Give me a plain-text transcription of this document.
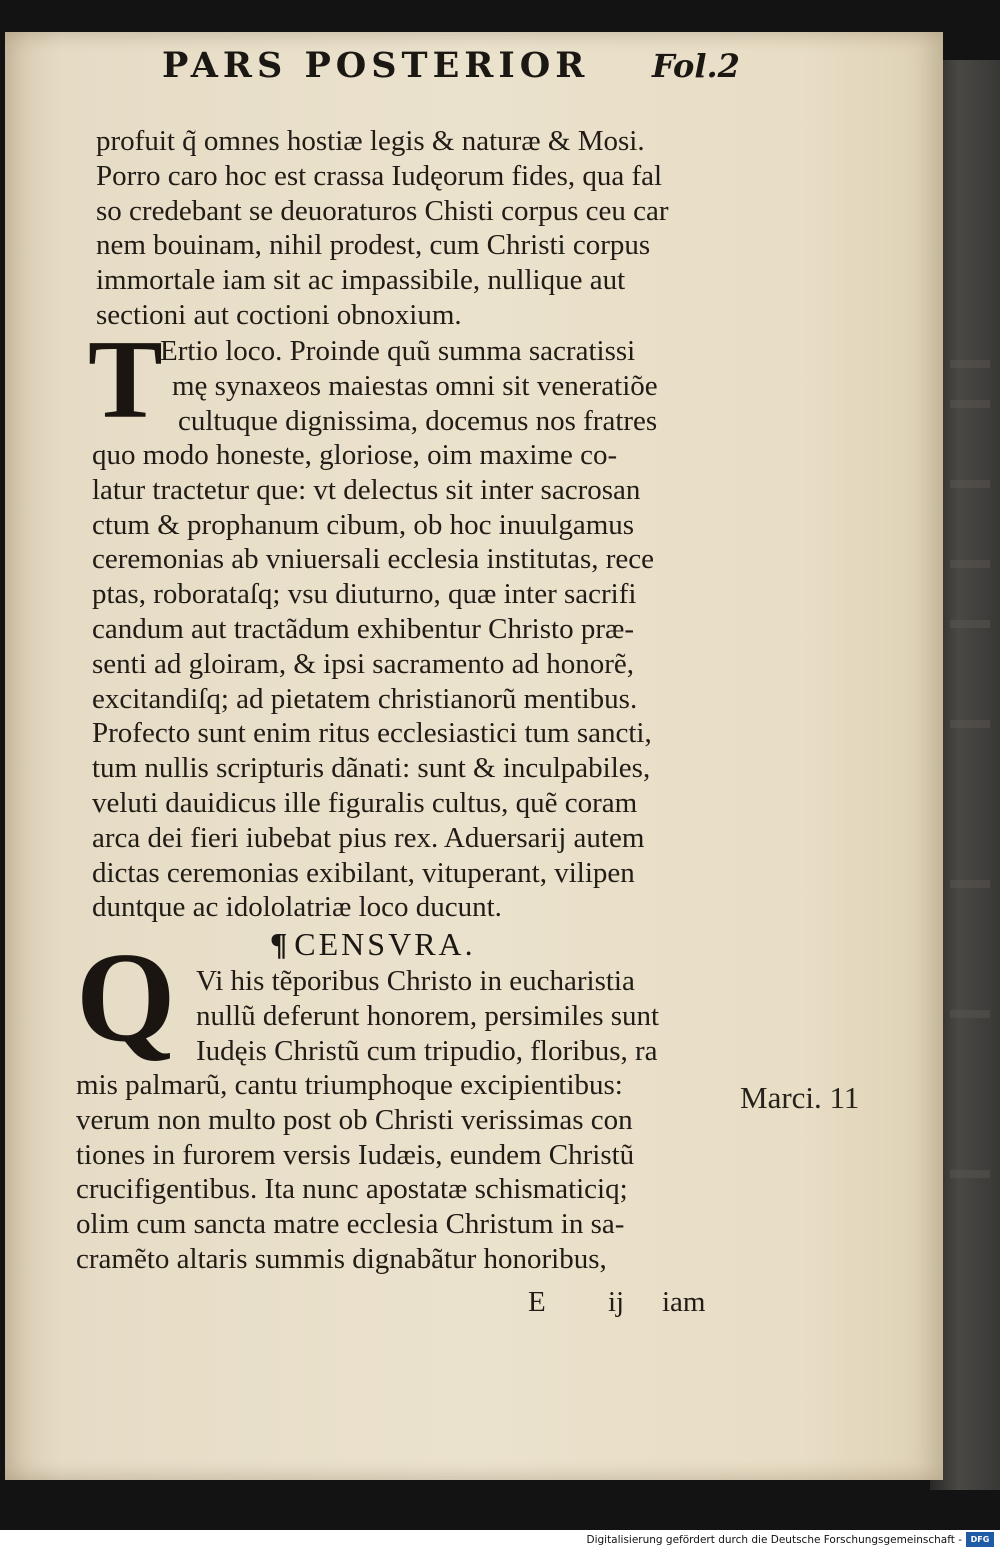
PARS POSTERIOR Fol.2
profuit q̃ omnes hostiæ legis & naturæ & Mosi.
Porro caro hoc est crassa Iudęorum fides, qua fal
so credebant se deuoraturos Chisti corpus ceu car
nem bouinam, nihil prodest, cum Christi corpus
immortale iam sit ac impassibile, nullique aut
sectioni aut coctioni obnoxium.
T
Ertio loco. Proinde quũ summa sacratissi
mę synaxeos maiestas omni sit veneratiõe
cultuque dignissima, docemus nos fratres
quo modo honeste, gloriose, oim maxime co-
latur tractetur que: vt delectus sit inter sacrosan
ctum & prophanum cibum, ob hoc inuulgamus
ceremonias ab vniuersali ecclesia institutas, rece
ptas, roborataſq; vsu diuturno, quæ inter sacrifi
candum aut tractãdum exhibentur Christo præ-
senti ad gloiram, & ipsi sacramento ad honorẽ,
excitandiſq; ad pietatem christianorũ mentibus.
Profecto sunt enim ritus ecclesiastici tum sancti,
tum nullis scripturis dãnati: sunt & inculpabiles,
veluti dauidicus ille figuralis cultus, quẽ coram
arca dei fieri iubebat pius rex. Aduersarij autem
dictas ceremonias exibilant, vituperant, vilipen
duntque ac idololatriæ loco ducunt.
¶ CENSVRA.
Q Vi his tẽporibus Christo in eucharistia
nullũ deferunt honorem, persimiles sunt
Iudęis Christũ cum tripudio, floribus, ra
mis palmarũ, cantu triumphoque excipientibus:
verum non multo post ob Christi verissimas con
tiones in furorem versis Iudæis, eundem Christũ
crucifigentibus. Ita nunc apostatæ schismaticiq;
olim cum sancta matre ecclesia Christum in sa-
cramẽto altaris summis dignabãtur honoribus,
Marci. 11
E ij iam
Digitalisierung gefördert durch die Deutsche Forschungsgemeinschaft -	DFG
